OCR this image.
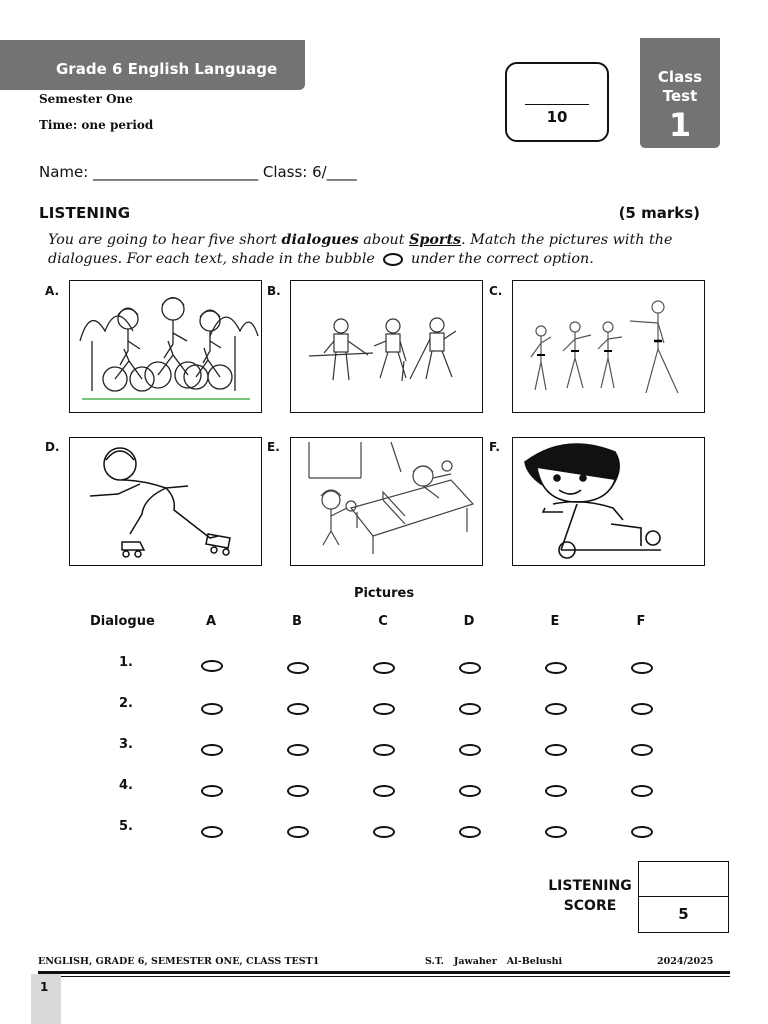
Grade 6 English Language
Semester One
Time: one period	10
Class
Test
1
Name: ______________________ Class: 6/____
LISTENING	(5 marks)
You are going to hear five short dialogues about Sports. Match the pictures with the dialogues. For each text, shade in the bubble  under the correct option.
A.	B.	C.
D.	E.	F.
Pictures
Dialogue	A	B	C	D	E	F
1.
2.
3.
4.
5.
LISTENING
SCORE	5
ENGLISH, GRADE 6, SEMESTER ONE, CLASS TEST1	S.T.   Jawaher   Al-Belushi	2024/2025
1
